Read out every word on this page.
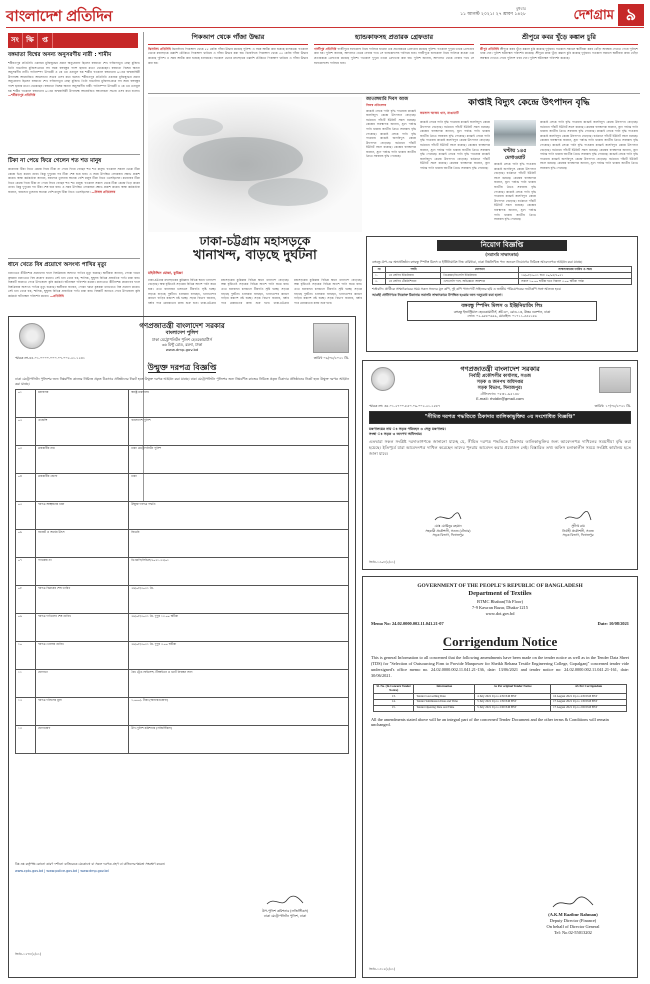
বাংলাদেশ প্রতিদিন	বুধবার
১১ আগস্ট ২০২১। ২৭ শ্রাবণ ১৪২৮	দেশগ্রাম ৯
সং ক্ষি প্ত
বঙ্গমাতা বিশ্বের অনন্য অনুসরণীয় নারী : শামীম
শরীয়তপুর প্রতিনিধি একাত্তর মুক্তিযুদ্ধের প্রধান অনুপ্রেরণা ছিলেন বঙ্গমাতা শেখ ফজিলাতুন নেছা মুজিব। তিনি বাঙালির মুক্তিসংগ্রামে সব সময় বঙ্গবন্ধুর পাশে ছায়ার মতো থেকেছেন। বঙ্গমাতা বিশ্বের অনন্য অনুসরণীয় নারী। পানিসম্পদ উপমন্ত্রী এ কে এম এনামুল হক শামীম গতকাল বঙ্গমাতার ৯১তম জন্মবার্ষিকী উপলক্ষে আয়োজিত আলোচনা সভায় এসব কথা বলেন। শরীয়তপুর প্রতিনিধি একাত্তর মুক্তিযুদ্ধের প্রধান অনুপ্রেরণা ছিলেন বঙ্গমাতা শেখ ফজিলাতুন নেছা মুজিব। তিনি বাঙালির মুক্তিসংগ্রামে সব সময় বঙ্গবন্ধুর পাশে ছায়ার মতো থেকেছেন। বঙ্গমাতা বিশ্বের অনন্য অনুসরণীয় নারী। পানিসম্পদ উপমন্ত্রী এ কে এম এনামুল হক শামীম গতকাল বঙ্গমাতার ৯১তম জন্মবার্ষিকী উপলক্ষে আয়োজিত আলোচনা সভায় এসব কথা বলেন। —শরীয়তপুর প্রতিনিধি
টিকা না পেয়ে ফিরে গেলেন শত শত মানুষ
করোনার টিকা নিতে কেন্দ্রে গিয়ে টিকা না পেয়ে ফিরে গেছেন শত শত মানুষ। গতকাল সকাল থেকে টিকা কেন্দ্রে ভিড় করেন তারা। কিন্তু দুপুরের পর টিকা শেষ হয়ে যায়। এ সময় উপস্থিত লোকজন ক্ষোভ প্রকাশ করেন। স্বাস্থ্য কর্মকর্তারা জানান, বরাদ্দের তুলনায় অনেক বেশি মানুষ টিকা নিতে এসেছিলেন। করোনার টিকা নিতে কেন্দ্রে গিয়ে টিকা না পেয়ে ফিরে গেছেন শত শত মানুষ। গতকাল সকাল থেকে টিকা কেন্দ্রে ভিড় করেন তারা। কিন্তু দুপুরের পর টিকা শেষ হয়ে যায়। এ সময় উপস্থিত লোকজন ক্ষোভ প্রকাশ করেন। স্বাস্থ্য কর্মকর্তারা জানান, বরাদ্দের তুলনায় অনেক বেশি মানুষ টিকা নিতে এসেছিলেন। —নিজস্ব প্রতিবেদক
ধানে খেতে বিষ প্রয়োগে অসংখ্য পাখির মৃত্যু
ধানখেতে কীটনাশক প্রয়োগের ফলে বিষক্রিয়ায় অসংখ্য পাখির মৃত্যু হয়েছে। স্থানীয়রা জানান, পোকা দমনে কৃষকরা ধানখেতে বিষ প্রয়োগ করেন। সেই ধান খেয়ে বক, শালিক, ঘুঘুসহ বিভিন্ন প্রজাতির পাখি মারা যায়। বিষয়টি জানতে পেরে উপজেলা কৃষি কর্মকর্তা ঘটনাস্থল পরিদর্শন করেন। ধানখেতে কীটনাশক প্রয়োগের ফলে বিষক্রিয়ায় অসংখ্য পাখির মৃত্যু হয়েছে। স্থানীয়রা জানান, পোকা দমনে কৃষকরা ধানখেতে বিষ প্রয়োগ করেন। সেই ধান খেয়ে বক, শালিক, ঘুঘুসহ বিভিন্ন প্রজাতির পাখি মারা যায়। বিষয়টি জানতে পেরে উপজেলা কৃষি কর্মকর্তা ঘটনাস্থল পরিদর্শন করেন। —প্রতিনিধি
পিকআপ থেকে গাঁজা উদ্ধার
ঝিনাইদহ প্রতিনিধি ঝিনাইদহে পিকআপ থেকে ৫৫ কেজি গাঁজা উদ্ধার করেছে পুলিশ। এ সময় আটক করা হয়েছে চালককে। গতকাল ভোরে মহাসড়কে তল্লাশি চৌকিতে পিকআপ থামিয়ে এ গাঁজা উদ্ধার করা হয়। ঝিনাইদহে পিকআপ থেকে ৫৫ কেজি গাঁজা উদ্ধার করেছে পুলিশ। এ সময় আটক করা হয়েছে চালককে। গতকাল ভোরে মহাসড়কে তল্লাশি চৌকিতে পিকআপ থামিয়ে এ গাঁজা উদ্ধার করা হয়।
হ্যান্ডকাফসহ প্রতারক গ্রেফতার
গাজীপুর প্রতিনিধি গাজীপুরে হ্যান্ডকাফ নিয়ে পালিয়ে যাওয়া এক প্রতারককে গ্রেফতার করেছে পুলিশ। গতকাল দুপুরে তাকে গ্রেফতার করা হয়। পুলিশ জানায়, আদালত থেকে ফেরার পথে সে হ্যান্ডকাফসহ পালিয়ে যায়। গাজীপুরে হ্যান্ডকাফ নিয়ে পালিয়ে যাওয়া এক প্রতারককে গ্রেফতার করেছে পুলিশ। গতকাল দুপুরে তাকে গ্রেফতার করা হয়। পুলিশ জানায়, আদালত থেকে ফেরার পথে সে হ্যান্ডকাফসহ পালিয়ে যায়।
শ্রীপুরে কবর খুঁড়ে কঙ্কাল চুরি
শ্রীপুর প্রতিনিধি শ্রীপুরে কবর খুঁড়ে কঙ্কাল চুরি করেছে দুর্বৃত্তরা। গতকাল সকালে স্থানীয়রা কবর খোঁড়া অবস্থায় দেখতে পেয়ে পুলিশে খবর দেন। পুলিশ ঘটনাস্থল পরিদর্শন করেছে। শ্রীপুরে কবর খুঁড়ে কঙ্কাল চুরি করেছে দুর্বৃত্তরা। গতকাল সকালে স্থানীয়রা কবর খোঁড়া অবস্থায় দেখতে পেয়ে পুলিশে খবর দেন। পুলিশ ঘটনাস্থল পরিদর্শন করেছে।
ঢাকা-চট্টগ্রাম মহাসড়কে
খানাখন্দ, বাড়ছে দুর্ঘটনা
মহিউদ্দিন মোল্লা, কুমিল্লা
ঢাকা-চট্টগ্রাম মহাসড়কের কুমিল্লার বিভিন্ন স্থানে খানাখন্দ বেড়েছে। অল্প বৃষ্টিতেই সড়কের বিভিন্ন অংশে পানি জমে যায়। এতে যানবাহন চলাচলে ধীরগতি সৃষ্টি হচ্ছে। সড়কে বাড়ছে দুর্ঘটনা। চালকরা বলছেন, খানাখন্দের কারণে গাড়ির যন্ত্রাংশ নষ্ট হচ্ছে। সড়ক বিভাগ জানায়, বর্ষার পরে মেরামতের কাজ শুরু হবে। ঢাকা-চট্টগ্রাম মহাসড়কের কুমিল্লার বিভিন্ন স্থানে খানাখন্দ বেড়েছে। অল্প বৃষ্টিতেই সড়কের বিভিন্ন অংশে পানি জমে যায়। এতে যানবাহন চলাচলে ধীরগতি সৃষ্টি হচ্ছে। সড়কে বাড়ছে দুর্ঘটনা। চালকরা বলছেন, খানাখন্দের কারণে গাড়ির যন্ত্রাংশ নষ্ট হচ্ছে। সড়ক বিভাগ জানায়, বর্ষার পরে মেরামতের কাজ শুরু হবে। ঢাকা-চট্টগ্রাম মহাসড়কের কুমিল্লার বিভিন্ন স্থানে খানাখন্দ বেড়েছে। অল্প বৃষ্টিতেই সড়কের বিভিন্ন অংশে পানি জমে যায়। এতে যানবাহন চলাচলে ধীরগতি সৃষ্টি হচ্ছে। সড়কে বাড়ছে দুর্ঘটনা। চালকরা বলছেন, খানাখন্দের কারণে গাড়ির যন্ত্রাংশ নষ্ট হচ্ছে। সড়ক বিভাগ জানায়, বর্ষার পরে মেরামতের কাজ শুরু হবে।
জাতাঙ্গমারি দিবস আজ
নিজস্ব প্রতিবেদক
কাপ্তাই লেকে পানি বৃদ্ধি পাওয়ায় কাপ্তাই জলবিদ্যুৎ কেন্দ্রে উৎপাদন বেড়েছে। বর্তমানে পাঁচটি ইউনিট সচল রয়েছে। কেন্দ্রের ব্যবস্থাপক জানান, হ্রদে পর্যাপ্ত পানি থাকায় জাতীয় গ্রিডে সরবরাহ বৃদ্ধি পেয়েছে। কাপ্তাই লেকে পানি বৃদ্ধি পাওয়ায় কাপ্তাই জলবিদ্যুৎ কেন্দ্রে উৎপাদন বেড়েছে। বর্তমানে পাঁচটি ইউনিট সচল রয়েছে। কেন্দ্রের ব্যবস্থাপক জানান, হ্রদে পর্যাপ্ত পানি থাকায় জাতীয় গ্রিডে সরবরাহ বৃদ্ধি পেয়েছে।
কাপ্তাই বিদ্যুৎ কেন্দ্রে উৎপাদন বৃদ্ধি
ফয়সাল আজম খান, রাঙামাটি
কাপ্তাই লেকে পানি বৃদ্ধি পাওয়ায় কাপ্তাই জলবিদ্যুৎ কেন্দ্রে উৎপাদন বেড়েছে। বর্তমানে পাঁচটি ইউনিট সচল রয়েছে। কেন্দ্রের ব্যবস্থাপক জানান, হ্রদে পর্যাপ্ত পানি থাকায় জাতীয় গ্রিডে সরবরাহ বৃদ্ধি পেয়েছে। কাপ্তাই লেকে পানি বৃদ্ধি পাওয়ায় কাপ্তাই জলবিদ্যুৎ কেন্দ্রে উৎপাদন বেড়েছে। বর্তমানে পাঁচটি ইউনিট সচল রয়েছে। কেন্দ্রের ব্যবস্থাপক জানান, হ্রদে পর্যাপ্ত পানি থাকায় জাতীয় গ্রিডে সরবরাহ বৃদ্ধি পেয়েছে। কাপ্তাই লেকে পানি বৃদ্ধি পাওয়ায় কাপ্তাই জলবিদ্যুৎ কেন্দ্রে উৎপাদন বেড়েছে। বর্তমানে পাঁচটি ইউনিট সচল রয়েছে। কেন্দ্রের ব্যবস্থাপক জানান, হ্রদে পর্যাপ্ত পানি থাকায় জাতীয় গ্রিডে সরবরাহ বৃদ্ধি পেয়েছে।
ঘণ্টায় ১৪৫
মেগাওয়াট
কাপ্তাই লেকে পানি বৃদ্ধি পাওয়ায় কাপ্তাই জলবিদ্যুৎ কেন্দ্রে উৎপাদন বেড়েছে। বর্তমানে পাঁচটি ইউনিট সচল রয়েছে। কেন্দ্রের ব্যবস্থাপক জানান, হ্রদে পর্যাপ্ত পানি থাকায় জাতীয় গ্রিডে সরবরাহ বৃদ্ধি পেয়েছে। কাপ্তাই লেকে পানি বৃদ্ধি পাওয়ায় কাপ্তাই জলবিদ্যুৎ কেন্দ্রে উৎপাদন বেড়েছে। বর্তমানে পাঁচটি ইউনিট সচল রয়েছে। কেন্দ্রের ব্যবস্থাপক জানান, হ্রদে পর্যাপ্ত পানি থাকায় জাতীয় গ্রিডে সরবরাহ বৃদ্ধি পেয়েছে।
কাপ্তাই লেকে পানি বৃদ্ধি পাওয়ায় কাপ্তাই জলবিদ্যুৎ কেন্দ্রে উৎপাদন বেড়েছে। বর্তমানে পাঁচটি ইউনিট সচল রয়েছে। কেন্দ্রের ব্যবস্থাপক জানান, হ্রদে পর্যাপ্ত পানি থাকায় জাতীয় গ্রিডে সরবরাহ বৃদ্ধি পেয়েছে। কাপ্তাই লেকে পানি বৃদ্ধি পাওয়ায় কাপ্তাই জলবিদ্যুৎ কেন্দ্রে উৎপাদন বেড়েছে। বর্তমানে পাঁচটি ইউনিট সচল রয়েছে। কেন্দ্রের ব্যবস্থাপক জানান, হ্রদে পর্যাপ্ত পানি থাকায় জাতীয় গ্রিডে সরবরাহ বৃদ্ধি পেয়েছে। কাপ্তাই লেকে পানি বৃদ্ধি পাওয়ায় কাপ্তাই জলবিদ্যুৎ কেন্দ্রে উৎপাদন বেড়েছে। বর্তমানে পাঁচটি ইউনিট সচল রয়েছে। কেন্দ্রের ব্যবস্থাপক জানান, হ্রদে পর্যাপ্ত পানি থাকায় জাতীয় গ্রিডে সরবরাহ বৃদ্ধি পেয়েছে। কাপ্তাই লেকে পানি বৃদ্ধি পাওয়ায় কাপ্তাই জলবিদ্যুৎ কেন্দ্রে উৎপাদন বেড়েছে। বর্তমানে পাঁচটি ইউনিট সচল রয়েছে। কেন্দ্রের ব্যবস্থাপক জানান, হ্রদে পর্যাপ্ত পানি থাকায় জাতীয় গ্রিডে সরবরাহ বৃদ্ধি পেয়েছে।
নিয়োগ বিজ্ঞপ্তি
(সরাসরি সাক্ষাৎকার)
বঙ্গবন্ধু গ্রুপ-এর অঙ্গপ্রতিষ্ঠান বঙ্গবন্ধু স্পিনিং মিলস ও ইঞ্জিনিয়ারিং লিঃ বারিধারা, ঢাকা নিম্নলিখিত পদে জনবল নিয়োগের নিমিত্তে আবেদনপত্র আহ্বান করা যাচ্ছে।
নং	পদবি	যোগ্যতা	সাক্ষাৎকারের তারিখ ও সময়
১.	১ম শ্রেণির ইঞ্জিনিয়ার	ডিপ্লোমা/বিএসসি ইঞ্জিনিয়ার	১৯/০৮/২০২১ হতে ২০/০৮/২০২১
২.	১ম শ্রেণির টেকনিশিয়ান	এসএসসি পাস, অভিজ্ঞতা আবশ্যক	সকাল ১০.০০ ঘটিকা হতে বিকাল ৫.০০ ঘটিকা পর্যন্ত
শর্তাবলি: প্রার্থীকে সাক্ষাৎকারের সময় সকল সনদের মূল কপি, দুই কপি পাসপোর্ট সাইজের ছবি ও জাতীয় পরিচয়পত্রের ফটোকপি সঙ্গে আনতে হবে।
আগ্রহী প্রার্থীগণকে নিম্নোক্ত ঠিকানায় সরাসরি সাক্ষাৎকারে উপস্থিত হওয়ার জন্য অনুরোধ করা হলো।
বঙ্গবন্ধু স্পিনিং মিলস ও ইঞ্জিনিয়ারিং লিঃ
বঙ্গবন্ধু ইন্ডাস্ট্রিয়াল হেডকোয়ার্টার্স, প্লট-৩০, রোড-১৩, উত্তর গুলশান, ঢাকা
ফোন: ০২-৯৮৮০৬৫৯, মোবাইল: ০১৭১১-৫৫২১৫৬
গণপ্রজাতন্ত্রী বাংলাদেশ সরকার
বাংলাদেশ পুলিশ
ঢাকা মেট্রোপলিটন পুলিশ হেডকোয়ার্টার্স
৩৬ মিন্টু রোড, রমনা, ঢাকা
www.dmp.gov.bd
স্মারক নং-৪৪.০১.০০০০.০০০.০৭.০০২.২১.১২৪১	তারিখ ০৯/০৮/২০২১ খ্রি.
উন্মুক্ত দরপত্র বিজ্ঞপ্তি
ঢাকা মেট্রোপলিটন পুলিশের জন্য নিম্নবর্ণিত কাজের নিমিত্তে প্রকৃত ঠিকাদার প্রতিষ্ঠানের নিকট হতে উন্মুক্ত দরপত্র আহ্বান করা যাচ্ছে। ঢাকা মেট্রোপলিটন পুলিশের জন্য নিম্নবর্ণিত কাজের নিমিত্তে প্রকৃত ঠিকাদার প্রতিষ্ঠানের নিকট হতে উন্মুক্ত দরপত্র আহ্বান করা যাচ্ছে।
০১	মন্ত্রণালয়	স্বরাষ্ট্র মন্ত্রণালয়
০২	এজেন্সি	বাংলাদেশ পুলিশ
০৩	ক্রয়কারীর নাম	ঢাকা মেট্রোপলিটন পুলিশ
০৪	ক্রয়কারীর জেলা	ঢাকা
০৫	দরপত্র আহ্বানের ধরন	উন্মুক্ত দরপত্র পদ্ধতি
০৬	বাজেট ও অর্থের উৎস	জিওবি
০৭	প্যাকেজ নং	ডিএমপি/সিভিল/২০২১-২২/০১
০৮	দরপত্র বিক্রয়ের শেষ তারিখ	২৬/০৮/২০২১ খ্রি.
০৯	দরপত্র দাখিলের শেষ তারিখ	২৯/০৮/২০২১ খ্রি. দুপুর ১২.০০ ঘটিকা
১০	দরপত্র খোলার তারিখ	২৯/০৮/২০২১ খ্রি. দুপুর ২.০০ ঘটিকা
১১	যোগ্যতা	বৈধ ট্রেড লাইসেন্স, টিআইএন ও ভ্যাট নিবন্ধন সনদ
১২	দরপত্র দলিলের মূল্য	১,০০০/- টাকা (অফেরতযোগ্য)
১৩	যোগাযোগ	উপ-পুলিশ কমিশনার (লজিস্টিকস)
বিঃ দ্রঃ কর্তৃপক্ষ কোনো কারণ দর্শানো ব্যতিরেকে যেকোনো বা সকল দরপত্র গ্রহণ বা বাতিলের ক্ষমতা সংরক্ষণ করেন।
www.cptu.gov.bd | www.police.gov.bd | www.dmp.gov.bd
উপ-পুলিশ কমিশনার (লজিস্টিকস)
ঢাকা মেট্রোপলিটন পুলিশ, ঢাকা
জিডি-১২৭৮(২/২১)
গণপ্রজাতন্ত্রী বাংলাদেশ সরকার
নির্বাহী প্রকৌশলীর কার্যালয়, সওজ
সড়ক ও জনপথ অধিদপ্তর
সড়ক বিভাগ, দিনাজপুর।
টেলিফোন: ০৫৩১-৬৫১৪৮
E-mail: rhddin@gmail.com
স্মারক নং: ৩৫.০১.২৭০০.৮৫০.০৯.০০২.২১-১৫৮৭	তারিখ: ১০/০৮/২০২১ খ্রি.
"সীমিত দরপত্র পদ্ধতিতে ঠিকাদার তালিকাভুক্তির ৩য় সংশোধিত বিজ্ঞপ্তি"
মন্ত্রণালয়ের নাম ঃ সড়ক পরিবহন ও সেতু মন্ত্রণালয়।
সংস্থা ঃ সড়ক ও জনপথ অধিদপ্তর।
এতদ্বারা সকল সংশ্লিষ্ট দরদাতাগণকে জানানো যাচ্ছে যে, সীমিত দরপত্র পদ্ধতিতে ঠিকাদার তালিকাভুক্তির জন্য আবেদনপত্র দাখিলের সময়সীমা বৃদ্ধি করা হয়েছে। ইতিপূর্বে যারা আবেদনপত্র দাখিল করেছেন তাদের পুনরায় আবেদন করার প্রয়োজন নেই। বিস্তারিত তথ্য অফিস চলাকালীন সময়ে সংশ্লিষ্ট কার্যালয় হতে জানা যাবে।
মোঃ মোমিনুর রহমান
সহকারী প্রকৌশলী, সওজ (টেন্ডার)
সড়ক বিভাগ, দিনাজপুর
সুদীপ্ত রায়
নির্বাহী প্রকৌশলী, সওজ
সড়ক বিভাগ, দিনাজপুর
জিডি-১৩০৮(২/২১)
GOVERNMENT OF THE PEOPLE'S REPUBLIC OF BANGLADESH
Department of Textiles
BTMC Bhaban(7th Floor)
7-9 Kawran Bazar, Dhaka-1215
www.dot.gov.bd
Memo No: 24.02.0000.002.11.041.21-07	Date: 10/08/2021
Corrigendum Notice
This is general Information to all concerned that the following amendments have been made on the tender notice as well as in the Tender Data Sheet (TDS) for "Selection of Outsourcing Firm to Provide Manpower for Sheikh Rehana Textile Engineering College, Gopalganj" concerned tender vide undersigned's office memo no. 24.02.0000.002.11.041.21-136, date: 13/06/2021 and tender notice no: 24.02.0000.002.11.041.21-161, date: 30/06/2021.
Sl. No. (In Concern Tender Notice)	Information	As Per original Tender Notice	AS Per Corrigendum
13.	Tender Last selling Date	4 July 2021 Up to 4:30 P.M BST	16 August 2021 Up to 4:30 P.M BST
14.	Tender Submission Date and Time	5 July 2021 Up to 1:30 P.M BST	17 August 2021 Up to 1:30 P.M BST
15.	Tender Opening Date and Time	5 July 2021 Up to 2:00 P.M BST	17 August 2021 Up to 2:00 P.M BST
All the amendments stated above will be an integral part of the concerned Tender Document and the other terms & Conditions will remain unchanged.
(A.K.M Razibur Rahman)
Deputy Director (Finance)
On behalf of Director General
Tel: No.02-55013202
জিডি-১৩১২(২/২১)
